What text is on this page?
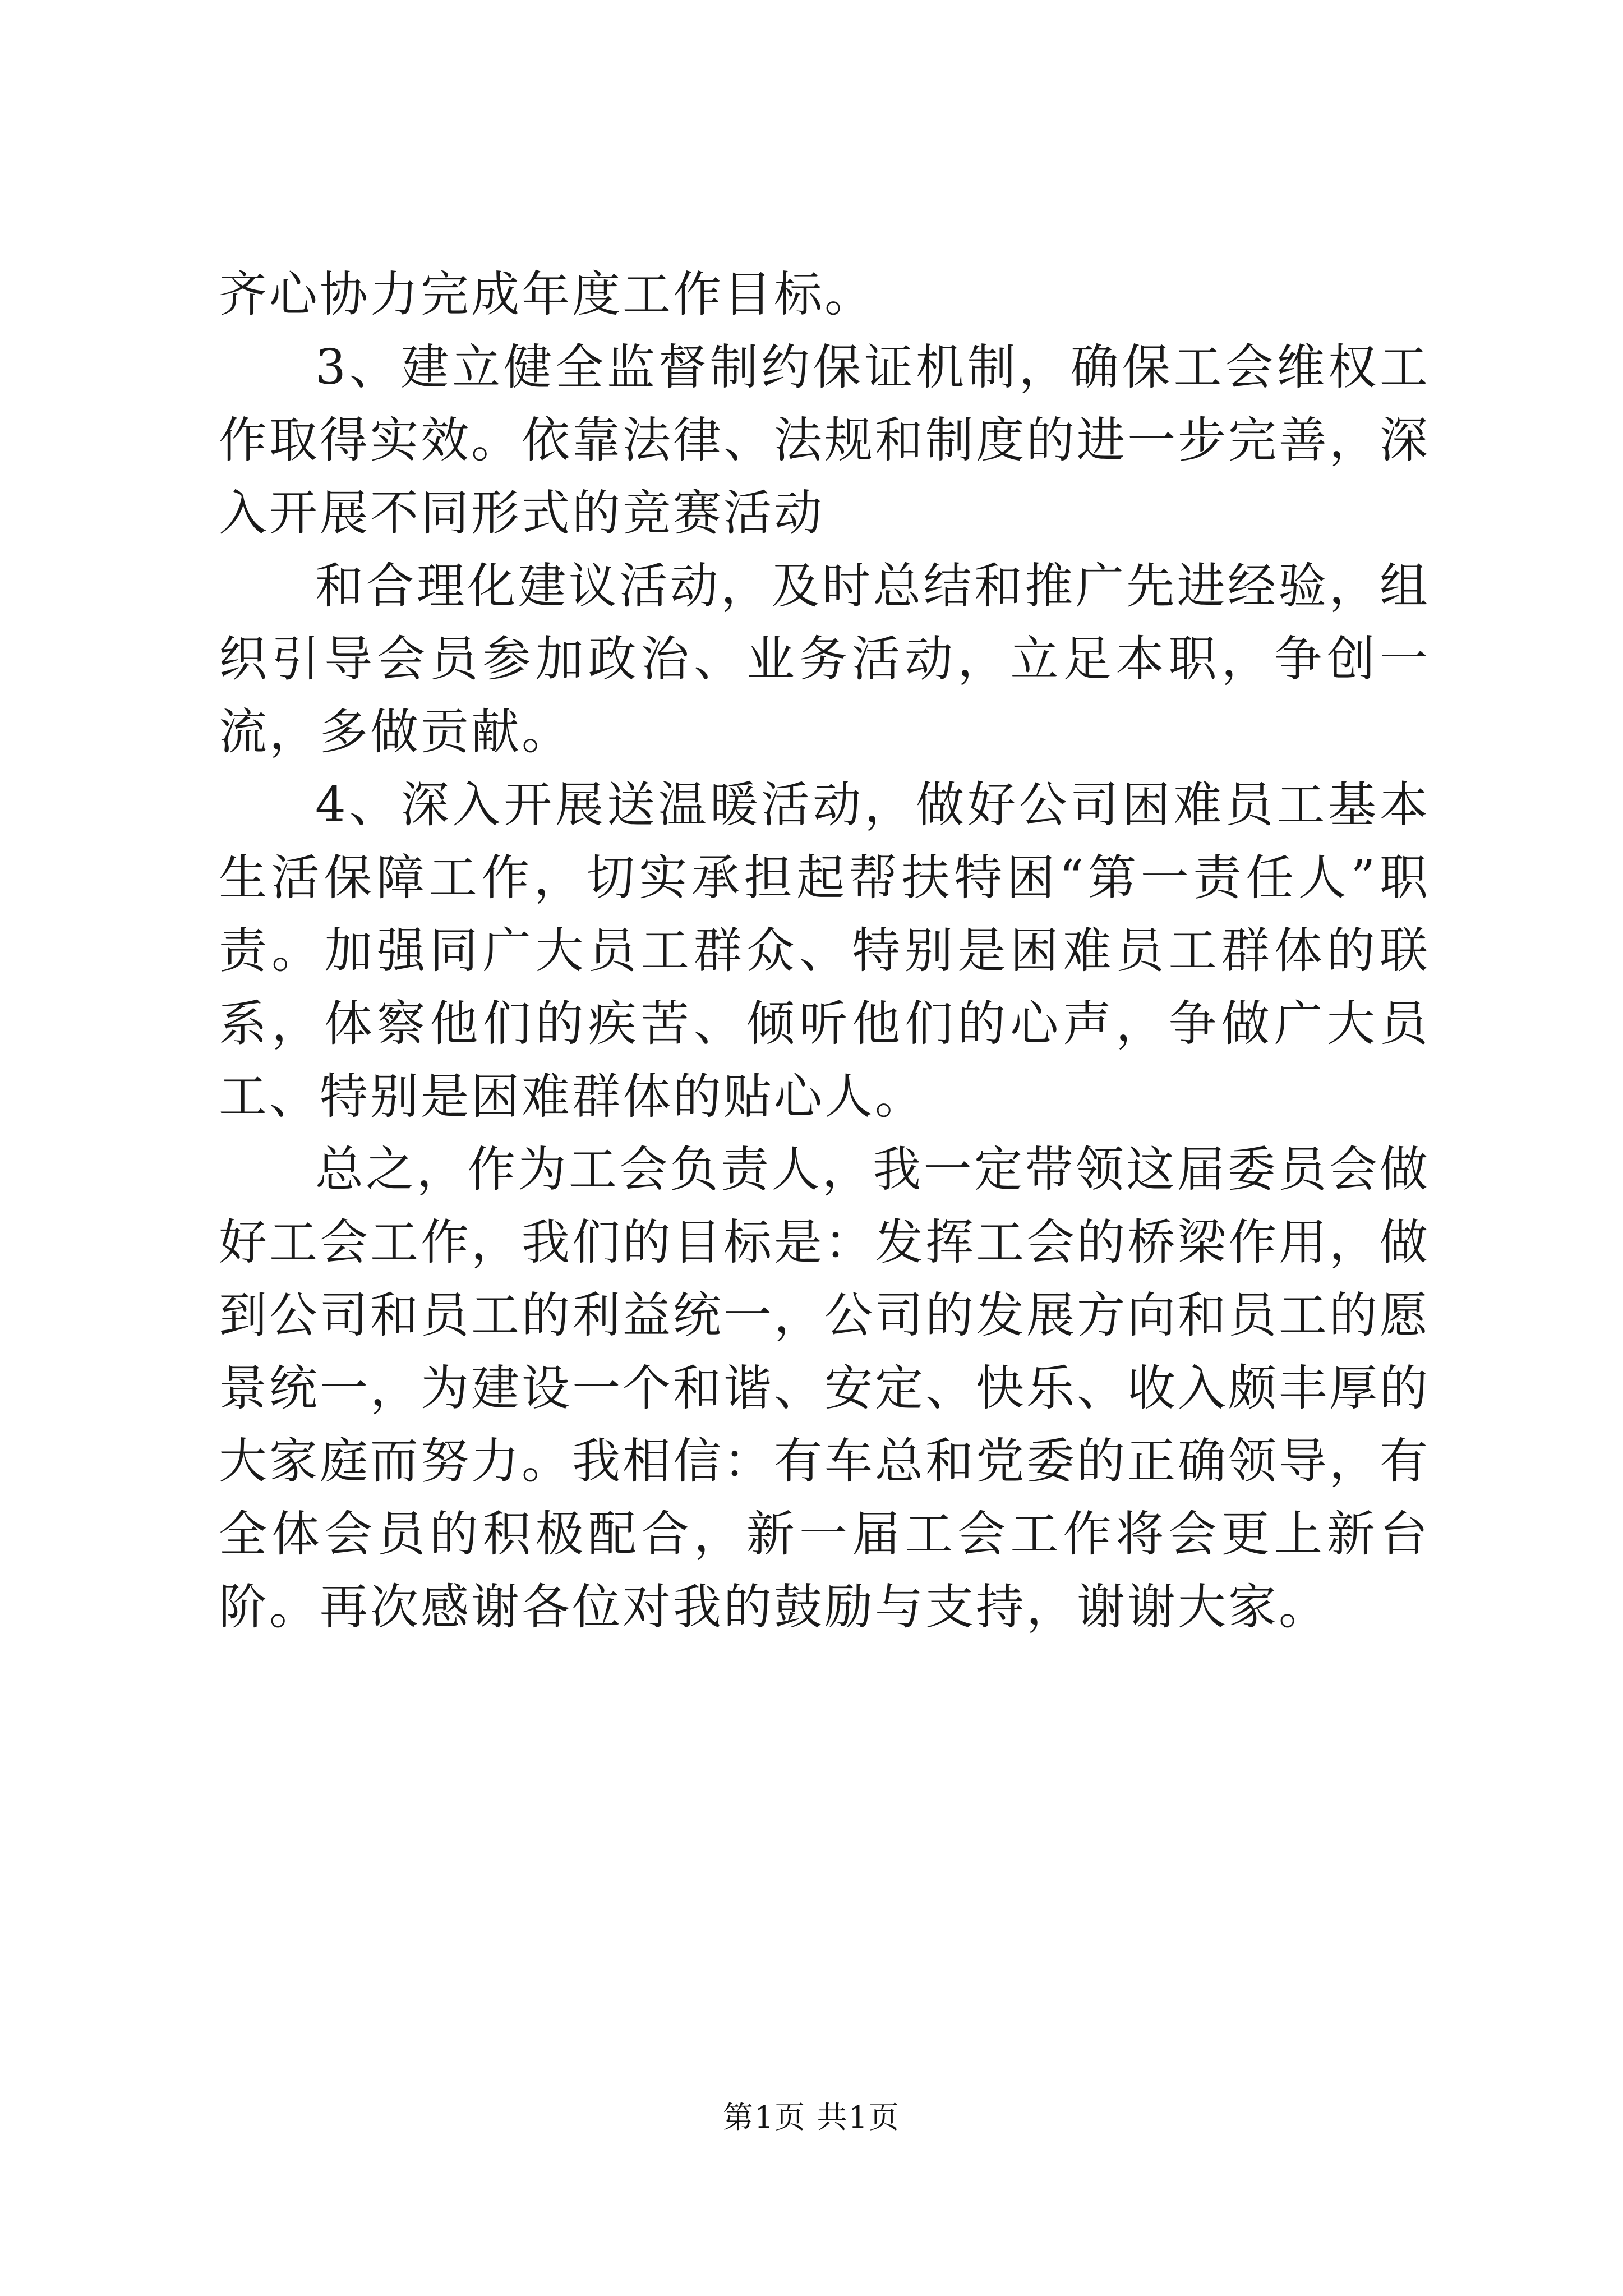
齐心协力完成年度工作目标。

3、建立健全监督制约保证机制，确保工会维权工作取得实效。依靠法律、法规和制度的进一步完善，深入开展不同形式的竞赛活动

和合理化建议活动，及时总结和推广先进经验，组织引导会员参加政治、业务活动，立足本职，争创一流，多做贡献。

4、深入开展送温暖活动，做好公司困难员工基本生活保障工作，切实承担起帮扶特困“第一责任人”职责。加强同广大员工群众、特别是困难员工群体的联系，体察他们的疾苦、倾听他们的心声，争做广大员工、特别是困难群体的贴心人。

总之，作为工会负责人，我一定带领这届委员会做好工会工作，我们的目标是：发挥工会的桥梁作用，做到公司和员工的利益统一，公司的发展方向和员工的愿景统一，为建设一个和谐、安定、快乐、收入颇丰厚的大家庭而努力。我相信：有车总和党委的正确领导，有全体会员的积极配合，新一届工会工作将会更上新台阶。再次感谢各位对我的鼓励与支持，谢谢大家。

第1页 共1页
